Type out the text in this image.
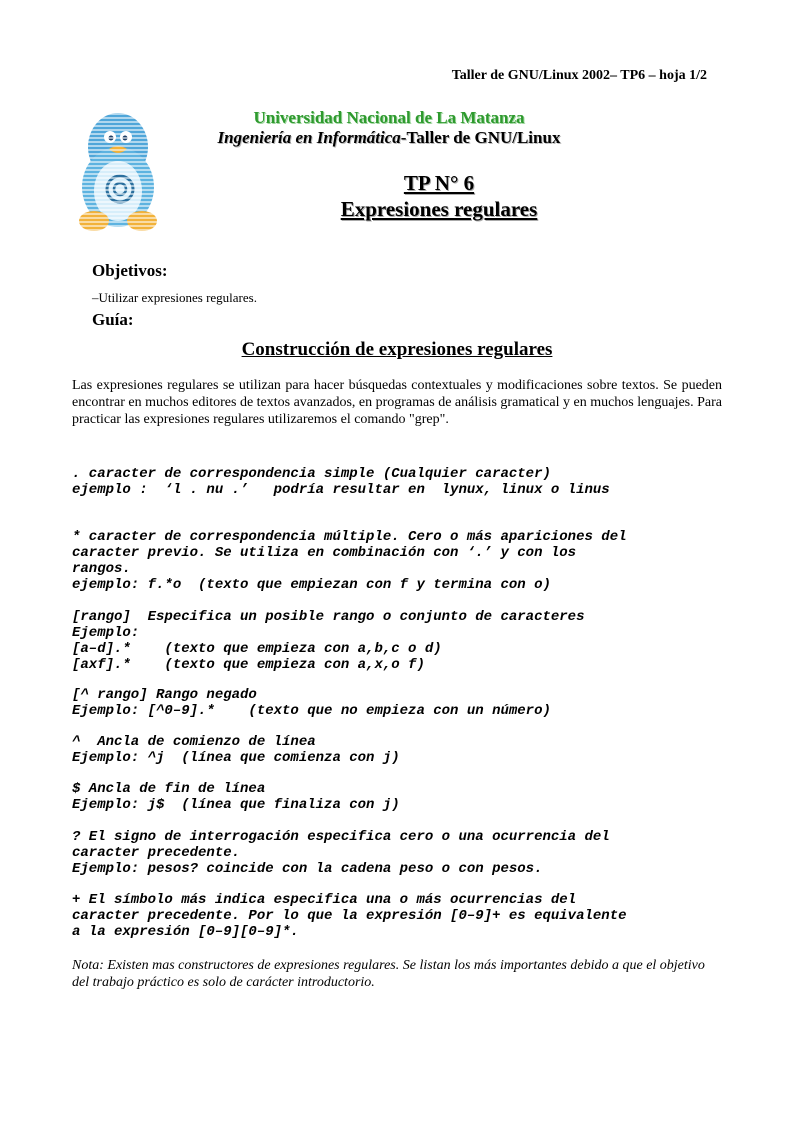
Taller de GNU/Linux 2002– TP6 – hoja 1/2
Universidad Nacional de La Matanza
Ingeniería en Informática-Taller de GNU/Linux
TP N° 6
Expresiones regulares
Objetivos:
–Utilizar expresiones regulares.
Guía:
Construcción de expresiones regulares
Las expresiones regulares se utilizan para hacer búsquedas contextuales y modificaciones sobre textos. Se pueden encontrar en muchos editores de textos avanzados, en programas de análisis gramatical y en muchos lenguajes. Para practicar las expresiones regulares utilizaremos el comando "grep".
. caracter de correspondencia simple (Cualquier caracter)
ejemplo :  ‘l . nu .’   podría resultar en  lynux, linux o linus
* caracter de correspondencia múltiple. Cero o más apariciones del
caracter previo. Se utiliza en combinación con ‘.’ y con los
rangos.
ejemplo: f.*o  (texto que empiezan con f y termina con o)
[rango]  Especifica un posible rango o conjunto de caracteres
Ejemplo:
[a–d].*    (texto que empieza con a,b,c o d)
[axf].*    (texto que empieza con a,x,o f)
[^ rango] Rango negado
Ejemplo: [^0–9].*    (texto que no empieza con un número)
^  Ancla de comienzo de línea
Ejemplo: ^j  (línea que comienza con j)
$ Ancla de fin de línea
Ejemplo: j$  (línea que finaliza con j)
? El signo de interrogación especifica cero o una ocurrencia del
caracter precedente.
Ejemplo: pesos? coincide con la cadena peso o con pesos.
+ El símbolo más indica especifica una o más ocurrencias del
caracter precedente. Por lo que la expresión [0–9]+ es equivalente
a la expresión [0–9][0–9]*.
Nota: Existen mas constructores de expresiones regulares. Se listan los más importantes debido a que el objetivo del trabajo práctico es solo de carácter introductorio.
